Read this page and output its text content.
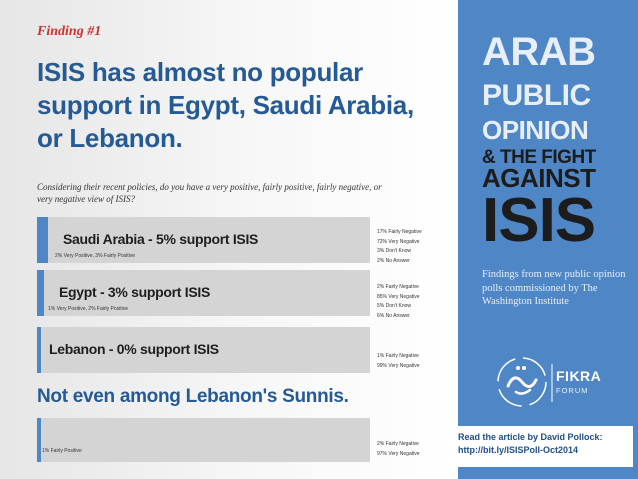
Finding #1
ISIS has almost no popular
support in Egypt, Saudi Arabia,
or Lebanon.
Considering their recent policies, do you have a very positive, fairly positive, fairly negative, or very negative view of ISIS?
Saudi Arabia - 5% support ISIS
2% Very Positive, 3% Fairly Positive
17% Fairly Negative
72% Very Negative
3% Don't Know
2% No Answer
Egypt - 3% support ISIS
1% Very Positive, 2% Fairly Positive
2% Fairly Negative
85% Very Negative
5% Don't Know
6% No Answer
Lebanon - 0% support ISIS	1% Fairly Negative
99% Very Negative
Not even among Lebanon's Sunnis.
1% Fairly Positive
2% Fairly Negative
97% Very Negative
ARAB
PUBLIC
OPINION
& THE FIGHT
AGAINST
ISIS
Findings from new public opinion polls commissioned by The Washington Institute
FIKRA
FORUM
Read the article by David Pollock:
http://bit.ly/ISISPoll-Oct2014
